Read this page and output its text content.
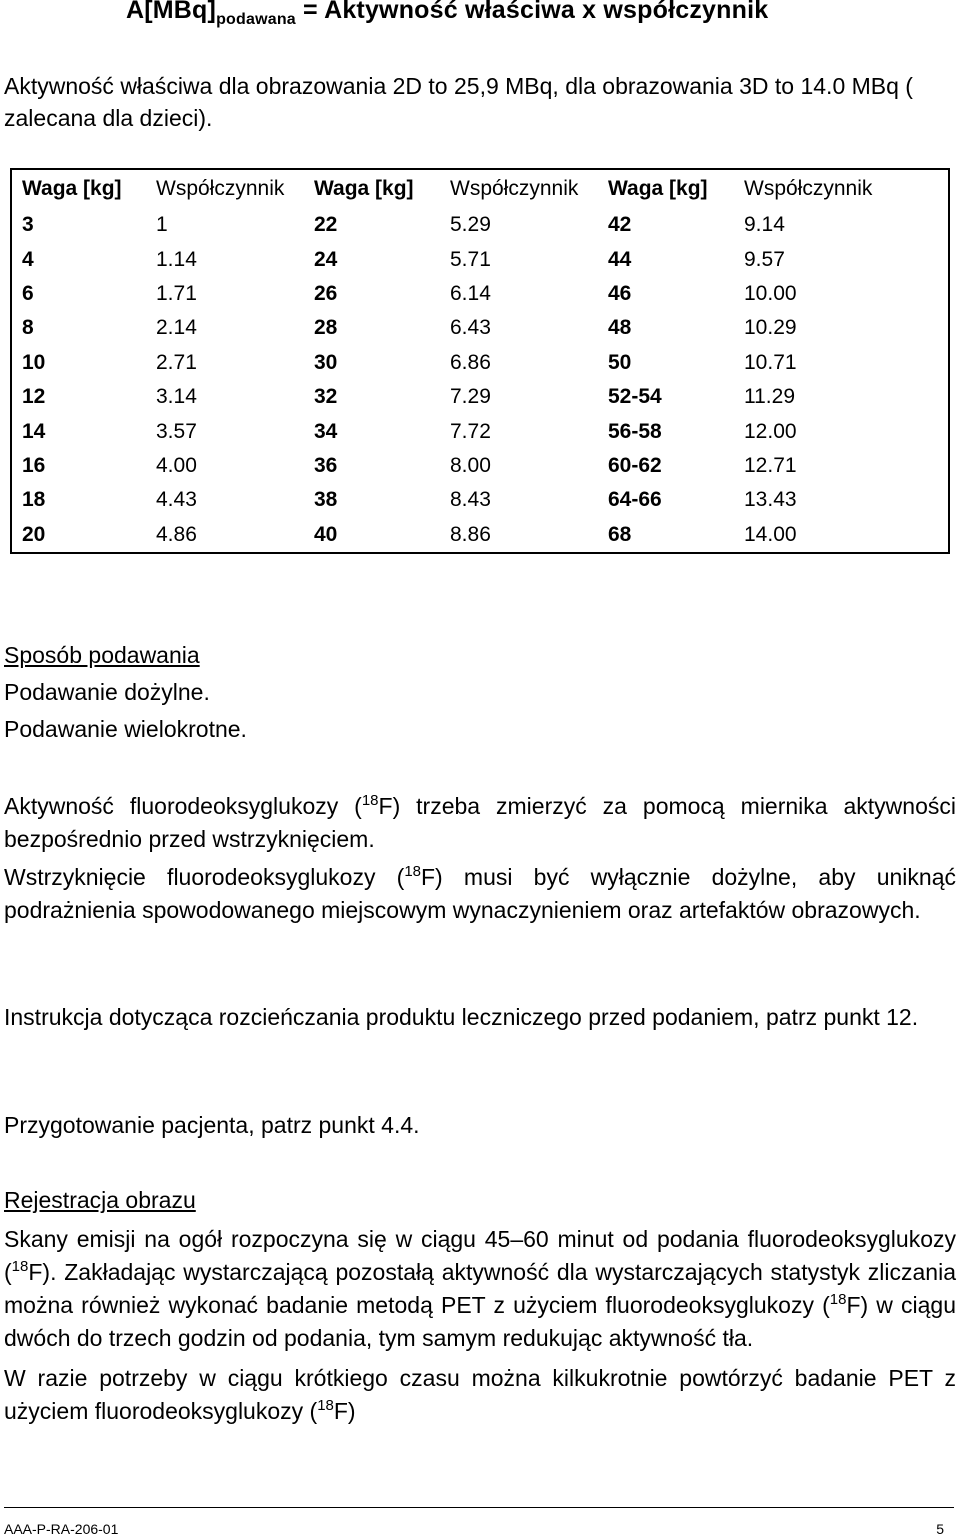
$A[MBq]_{podawana}$ = Aktywność właściwa x współczynnik
Aktywność właściwa dla obrazowania 2D to 25,9 MBq, dla obrazowania 3D to 14.0 MBq ( zalecana dla dzieci).
Waga [kg]	Współczynnik	Waga [kg]	Współczynnik	Waga [kg]	Współczynnik
3	1	22	5.29	42	9.14
4	1.14	24	5.71	44	9.57
6	1.71	26	6.14	46	10.00
8	2.14	28	6.43	48	10.29
10	2.71	30	6.86	50	10.71
12	3.14	32	7.29	52-54	11.29
14	3.57	34	7.72	56-58	12.00
16	4.00	36	8.00	60-62	12.71
18	4.43	38	8.43	64-66	13.43
20	4.86	40	8.86	68	14.00
Sposób podawania
Podawanie dożylne.
Podawanie wielokrotne.
Aktywność fluorodeoksyglukozy ($^{18}$F) trzeba zmierzyć za pomocą miernika aktywności bezpośrednio przed wstrzyknięciem.
Wstrzyknięcie fluorodeoksyglukozy ($^{18}$F) musi być wyłącznie dożylne, aby uniknąć podrażnienia spowodowanego miejscowym wynaczynieniem oraz artefaktów obrazowych.
Instrukcja dotycząca rozcieńczania produktu leczniczego przed podaniem, patrz punkt 12.
Przygotowanie pacjenta, patrz punkt 4.4.
Rejestracja obrazu
Skany emisji na ogół rozpoczyna się w ciągu 45–60 minut od podania fluorodeoksyglukozy ($^{18}$F). Zakładając wystarczającą pozostałą aktywność dla wystarczających statystyk zliczania można również wykonać badanie metodą PET z użyciem fluorodeoksyglukozy ($^{18}$F) w ciągu dwóch do trzech godzin od podania, tym samym redukując aktywność tła.
W razie potrzeby w ciągu krótkiego czasu można kilkukrotnie powtórzyć badanie PET z użyciem fluorodeoksyglukozy ($^{18}$F)
AAA-P-RA-206-01	5
